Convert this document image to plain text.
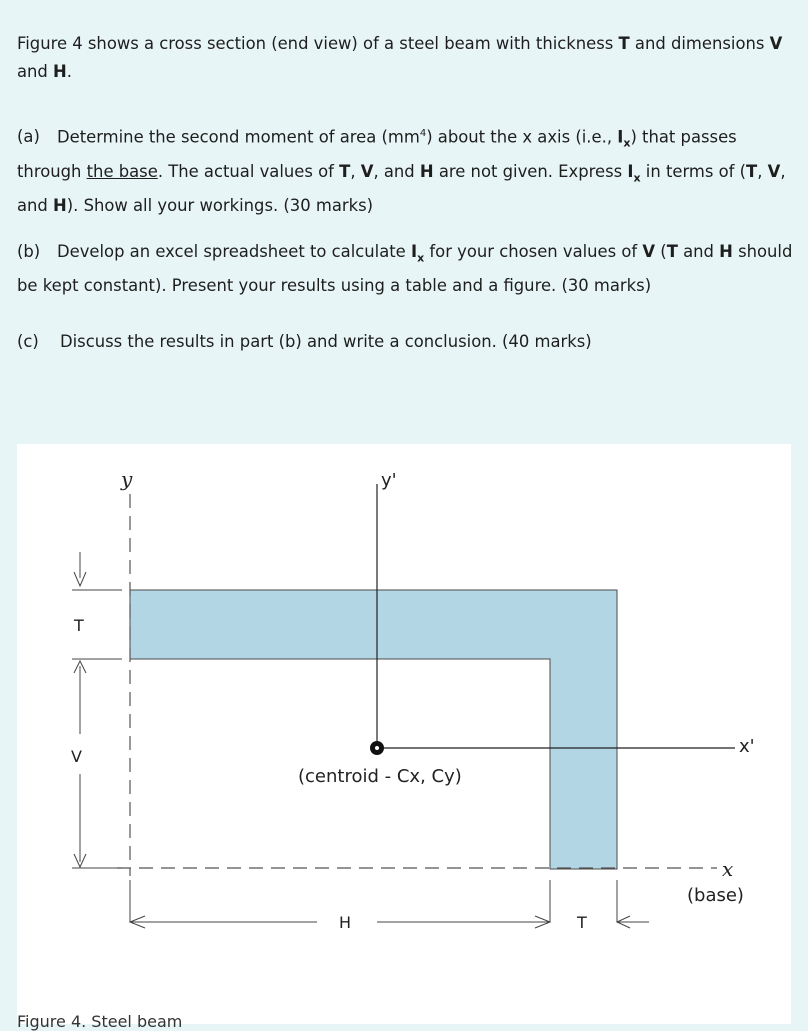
Figure 4 shows a cross section (end view) of a steel beam with thickness T and dimensions V and H.

(a) Determine the second moment of area $(mm^4)$ about the x axis (i.e., $I_x$) that passes through the base. The actual values of T, V, and H are not given. Express $I_x$ in terms of (T, V, and H). Show all your workings. (30 marks)

(b) Develop an excel spreadsheet to calculate $I_x$ for your chosen values of V (T and H should be kept constant). Present your results using a table and a figure. (30 marks)

(c) Discuss the results in part (b) and write a conclusion. (40 marks)

y	y'
x'
x
(base)
T
V
(centroid - Cx, Cy)
H	T
Figure 4. Steel beam
